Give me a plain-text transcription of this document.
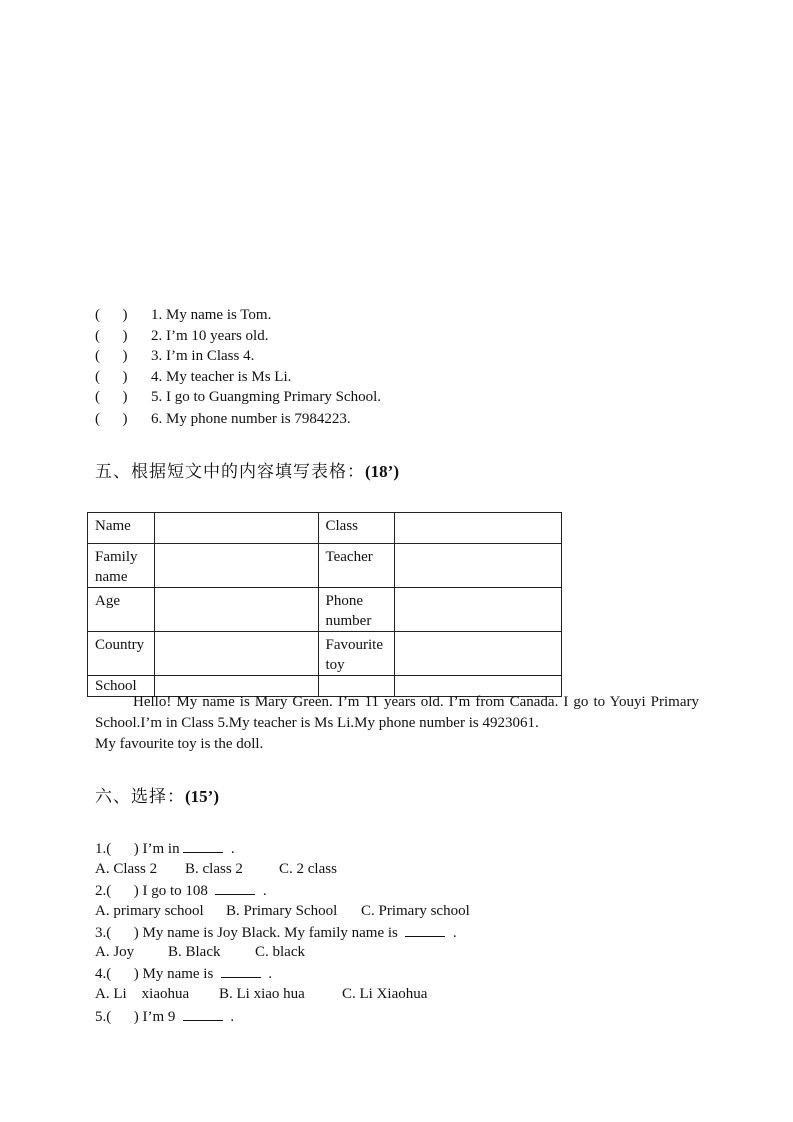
( ) 1. My name is Tom.
( ) 2. I’m 10 years old.
( ) 3. I’m in Class 4.
( ) 4. My teacher is Ms Li.
( ) 5. I go to Guangming Primary School.
( ) 6. My phone number is 7984223.
五、根据短文中的内容填写表格：(18’)
Name		Class	
Family name		Teacher	
Age		Phone number	
Country		Favourite toy	
School			

Hello! My name is Mary Green. I’m 11 years old. I’m from Canada. I go to Youyi Primary School.I’m in Class 5.My teacher is Ms Li.My phone number is 4923061.

My favourite toy is the doll.

六、选择：(15’)
1.(      ) I’m in	.
A. Class 2 B. class 2 C. 2 class
2.(      ) I go to 108	.
A. primary school B. Primary School C. Primary school
3.(      ) My name is Joy Black. My family name is	.
A. Joy B. Black C. black
4.(      ) My name is	.
A. Li    xiaohua B. Li xiao hua C. Li Xiaohua
5.(      ) I’m 9	.
